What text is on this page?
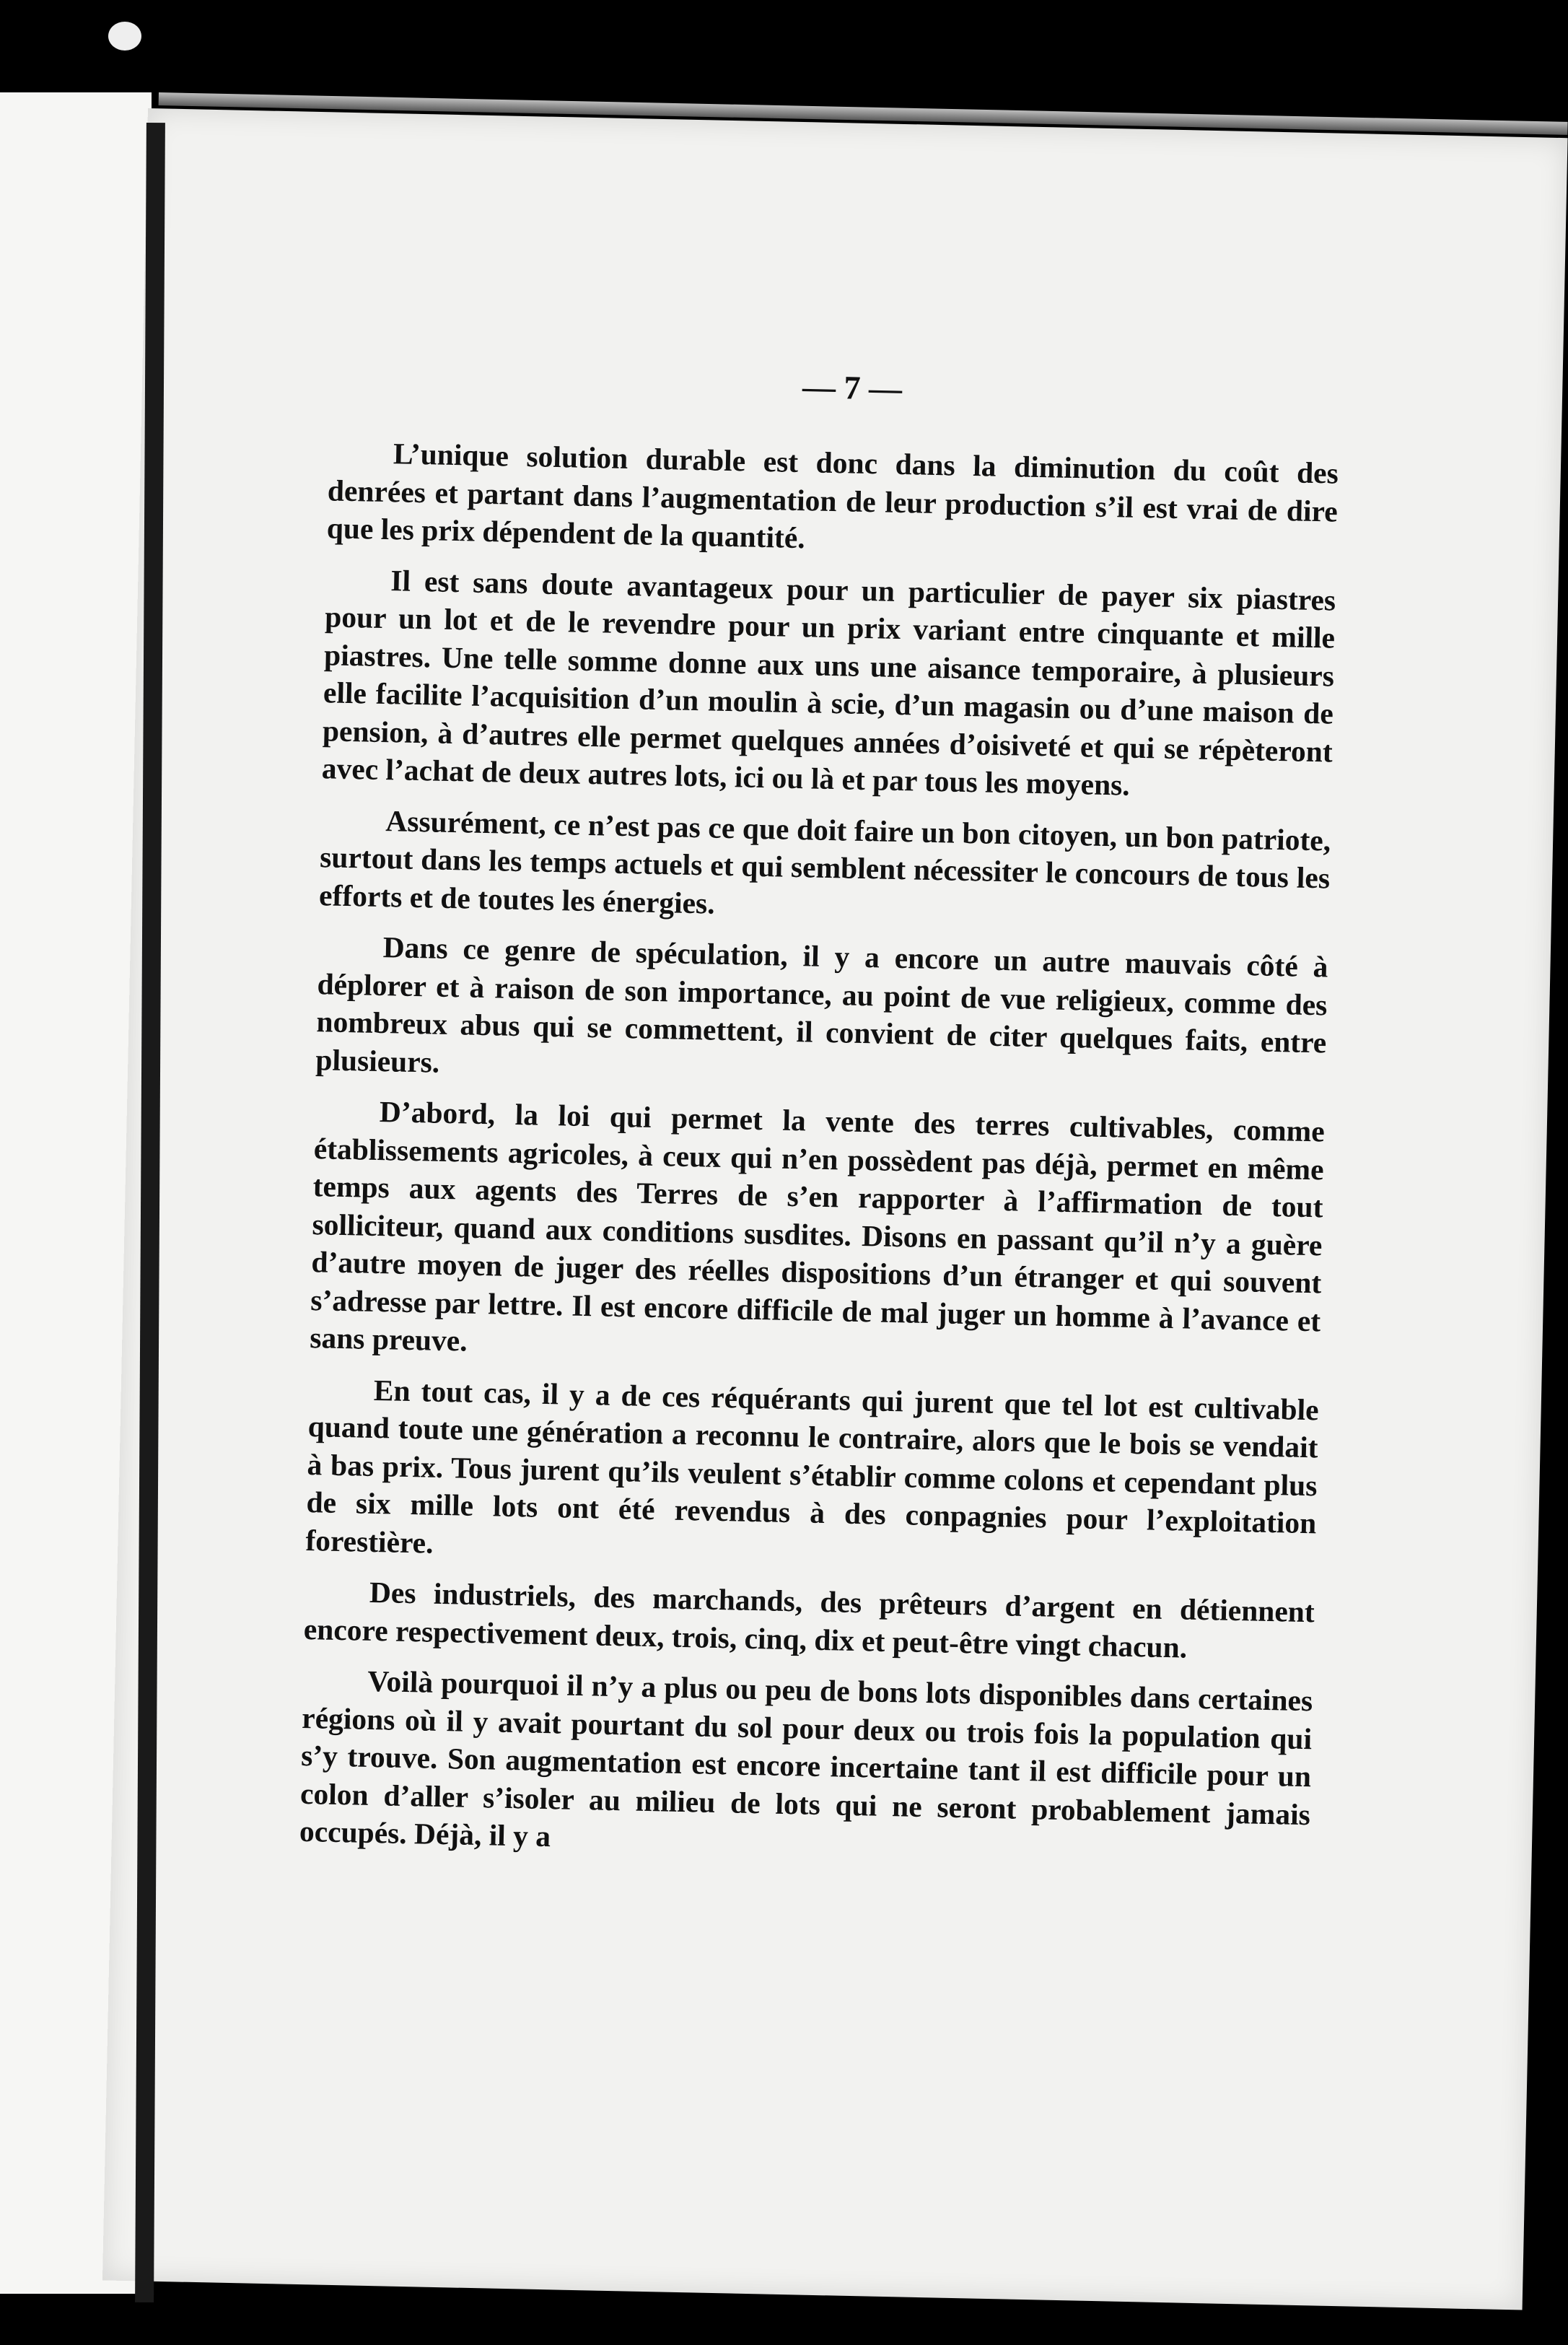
— 7 —

L’unique solution durable est donc dans la diminution du coût des denrées et partant dans l’augmentation de leur production s’il est vrai de dire que les prix dépendent de la quantité.

Il est sans doute avantageux pour un particulier de payer six piastres pour un lot et de le revendre pour un prix variant entre cinquante et mille piastres. Une telle somme donne aux uns une aisance temporaire, à plusieurs elle facilite l’acquisition d’un moulin à scie, d’un magasin ou d’une maison de pension, à d’autres elle permet quelques années d’oisiveté et qui se répèteront avec l’achat de deux autres lots, ici ou là et par tous les moyens.

Assurément, ce n’est pas ce que doit faire un bon citoyen, un bon patriote, surtout dans les temps actuels et qui semblent nécessiter le concours de tous les efforts et de toutes les énergies.

Dans ce genre de spéculation, il y a encore un autre mauvais côté à déplorer et à raison de son importance, au point de vue religieux, comme des nombreux abus qui se commettent, il convient de citer quelques faits, entre plusieurs.

D’abord, la loi qui permet la vente des terres cultivables, comme établissements agricoles, à ceux qui n’en possèdent pas déjà, permet en même temps aux agents des Terres de s’en rapporter à l’affirmation de tout solliciteur, quand aux conditions susdites. Disons en passant qu’il n’y a guère d’autre moyen de juger des réelles dispositions d’un étranger et qui souvent s’adresse par lettre. Il est encore difficile de mal juger un homme à l’avance et sans preuve.

En tout cas, il y a de ces réquérants qui jurent que tel lot est cultivable quand toute une génération a reconnu le contraire, alors que le bois se vendait à bas prix. Tous jurent qu’ils veulent s’établir comme colons et cependant plus de six mille lots ont été revendus à des conpagnies pour l’exploitation forestière.

Des industriels, des marchands, des prêteurs d’argent en détiennent encore respectivement deux, trois, cinq, dix et peut-être vingt chacun.

Voilà pourquoi il n’y a plus ou peu de bons lots disponibles dans certaines régions où il y avait pourtant du sol pour deux ou trois fois la population qui s’y trouve. Son augmentation est encore incertaine tant il est difficile pour un colon d’aller s’isoler au milieu de lots qui ne seront probablement jamais occupés. Déjà, il y a
